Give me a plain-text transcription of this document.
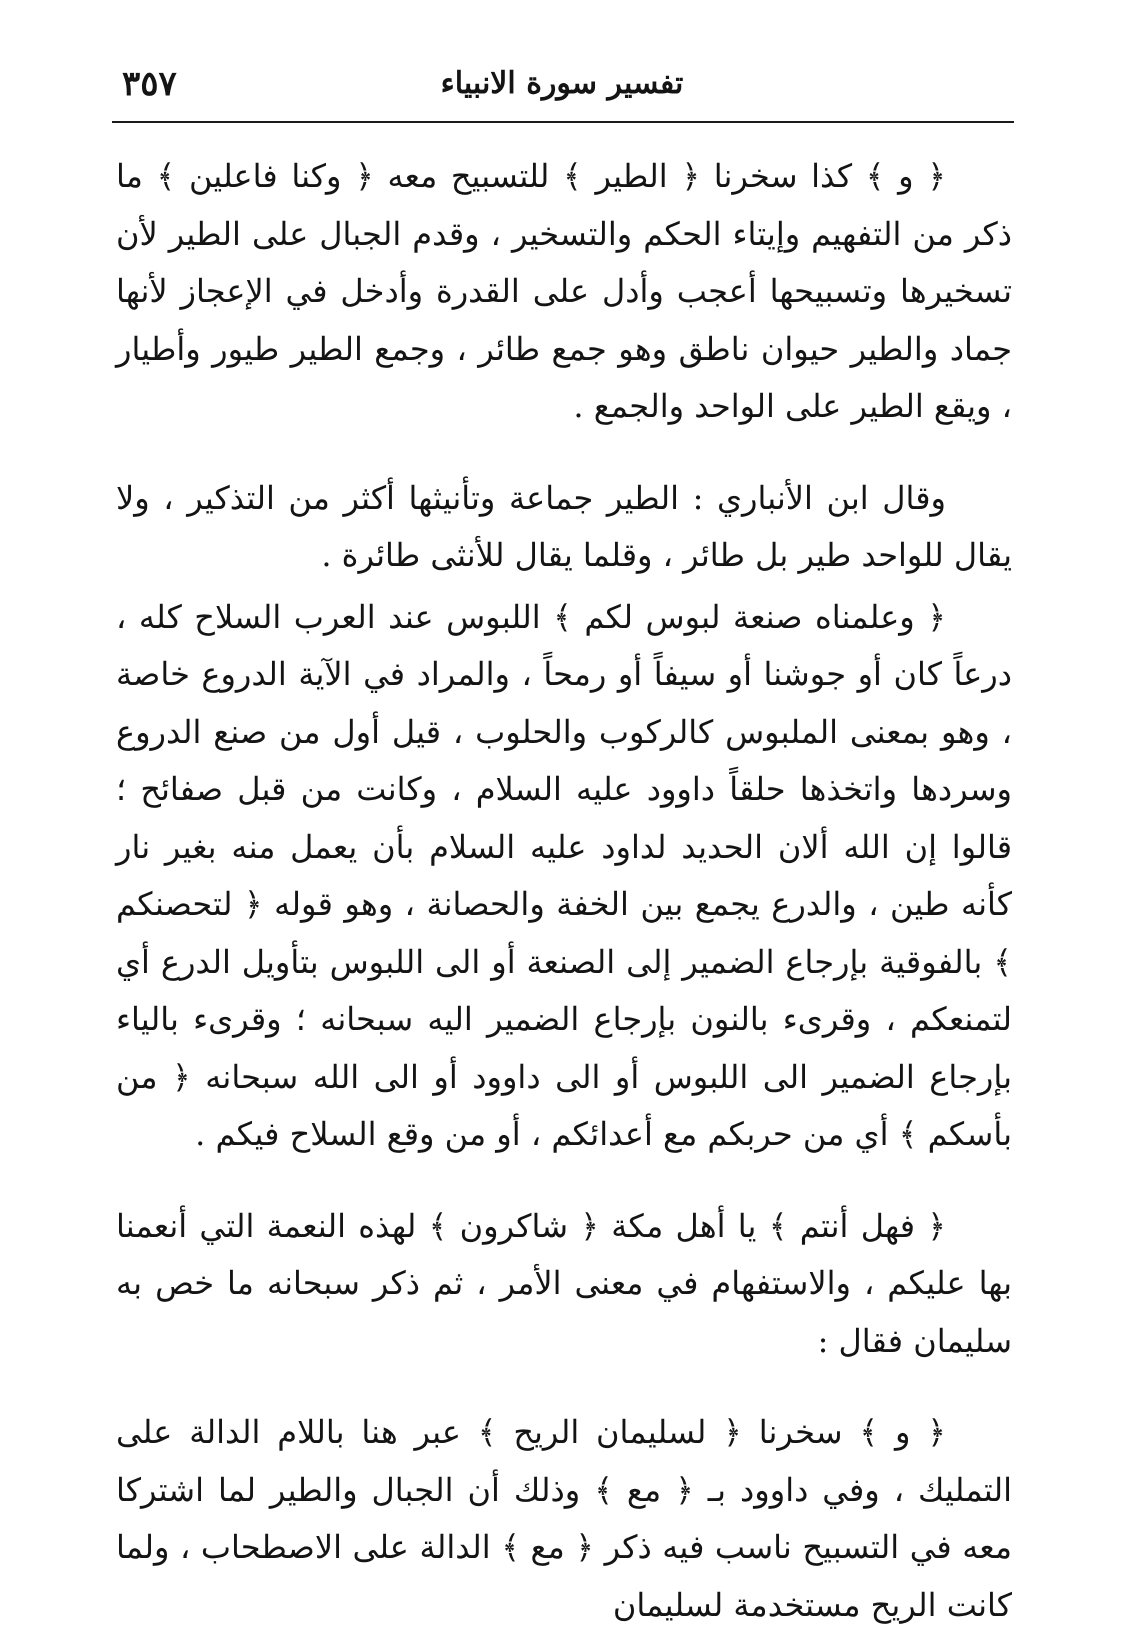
٣٥٧	تفسير سورة الانبياء

﴿ و ﴾ كذا سخرنا ﴿ الطير ﴾ للتسبيح معه ﴿ وكنا فاعلين ﴾ ما ذكر من التفهيم وإيتاء الحكم والتسخير ، وقدم الجبال على الطير لأن تسخيرها وتسبيحها أعجب وأدل على القدرة وأدخل في الإعجاز لأنها جماد والطير حيوان ناطق وهو جمع طائر ، وجمع الطير طيور وأطيار ، ويقع الطير على الواحد والجمع .

وقال ابن الأنباري : الطير جماعة وتأنيثها أكثر من التذكير ، ولا يقال للواحد طير بل طائر ، وقلما يقال للأنثى طائرة .

﴿ وعلمناه صنعة لبوس لكم ﴾ اللبوس عند العرب السلاح كله ، درعاً كان أو جوشنا أو سيفاً أو رمحاً ، والمراد في الآية الدروع خاصة ، وهو بمعنى الملبوس كالركوب والحلوب ، قيل أول من صنع الدروع وسردها واتخذها حلقاً داوود عليه السلام ، وكانت من قبل صفائح ؛ قالوا إن الله ألان الحديد لداود عليه السلام بأن يعمل منه بغير نار كأنه طين ، والدرع يجمع بين الخفة والحصانة ، وهو قوله ﴿ لتحصنكم ﴾ بالفوقية بإرجاع الضمير إلى الصنعة أو الى اللبوس بتأويل الدرع أي لتمنعكم ، وقرىء بالنون بإرجاع الضمير اليه سبحانه ؛ وقرىء بالياء بإرجاع الضمير الى اللبوس أو الى داوود أو الى الله سبحانه ﴿ من بأسكم ﴾ أي من حربكم مع أعدائكم ، أو من وقع السلاح فيكم .

﴿ فهل أنتم ﴾ يا أهل مكة ﴿ شاكرون ﴾ لهذه النعمة التي أنعمنا بها عليكم ، والاستفهام في معنى الأمر ، ثم ذكر سبحانه ما خص به سليمان فقال :

﴿ و ﴾ سخرنا ﴿ لسليمان الريح ﴾ عبر هنا باللام الدالة على التمليك ، وفي داوود بـ ﴿ مع ﴾ وذلك أن الجبال والطير لما اشتركا معه في التسبيح ناسب فيه ذكر ﴿ مع ﴾ الدالة على الاصطحاب ، ولما كانت الريح مستخدمة لسليمان
